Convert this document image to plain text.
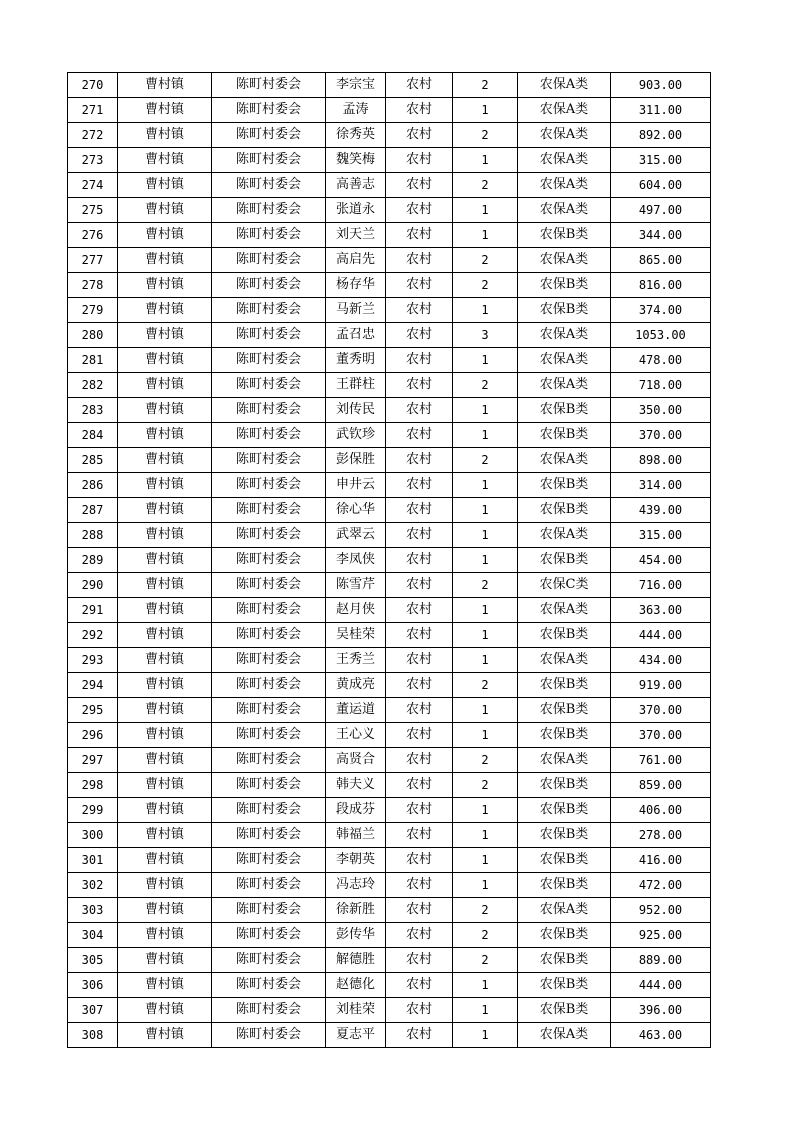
270	曹村镇	陈町村委会	李宗宝	农村	2	农保A类	903.00
271	曹村镇	陈町村委会	孟涛	农村	1	农保A类	311.00
272	曹村镇	陈町村委会	徐秀英	农村	2	农保A类	892.00
273	曹村镇	陈町村委会	魏笑梅	农村	1	农保A类	315.00
274	曹村镇	陈町村委会	高善志	农村	2	农保A类	604.00
275	曹村镇	陈町村委会	张道永	农村	1	农保A类	497.00
276	曹村镇	陈町村委会	刘天兰	农村	1	农保B类	344.00
277	曹村镇	陈町村委会	高启先	农村	2	农保A类	865.00
278	曹村镇	陈町村委会	杨存华	农村	2	农保B类	816.00
279	曹村镇	陈町村委会	马新兰	农村	1	农保B类	374.00
280	曹村镇	陈町村委会	孟召忠	农村	3	农保A类	1053.00
281	曹村镇	陈町村委会	董秀明	农村	1	农保A类	478.00
282	曹村镇	陈町村委会	王群柱	农村	2	农保A类	718.00
283	曹村镇	陈町村委会	刘传民	农村	1	农保B类	350.00
284	曹村镇	陈町村委会	武钦珍	农村	1	农保B类	370.00
285	曹村镇	陈町村委会	彭保胜	农村	2	农保A类	898.00
286	曹村镇	陈町村委会	申井云	农村	1	农保B类	314.00
287	曹村镇	陈町村委会	徐心华	农村	1	农保B类	439.00
288	曹村镇	陈町村委会	武翠云	农村	1	农保A类	315.00
289	曹村镇	陈町村委会	李凤侠	农村	1	农保B类	454.00
290	曹村镇	陈町村委会	陈雪芹	农村	2	农保C类	716.00
291	曹村镇	陈町村委会	赵月侠	农村	1	农保A类	363.00
292	曹村镇	陈町村委会	吴桂荣	农村	1	农保B类	444.00
293	曹村镇	陈町村委会	王秀兰	农村	1	农保A类	434.00
294	曹村镇	陈町村委会	黄成亮	农村	2	农保B类	919.00
295	曹村镇	陈町村委会	董运道	农村	1	农保B类	370.00
296	曹村镇	陈町村委会	王心义	农村	1	农保B类	370.00
297	曹村镇	陈町村委会	高贤合	农村	2	农保A类	761.00
298	曹村镇	陈町村委会	韩夫义	农村	2	农保B类	859.00
299	曹村镇	陈町村委会	段成芬	农村	1	农保B类	406.00
300	曹村镇	陈町村委会	韩福兰	农村	1	农保B类	278.00
301	曹村镇	陈町村委会	李朝英	农村	1	农保B类	416.00
302	曹村镇	陈町村委会	冯志玲	农村	1	农保B类	472.00
303	曹村镇	陈町村委会	徐新胜	农村	2	农保A类	952.00
304	曹村镇	陈町村委会	彭传华	农村	2	农保B类	925.00
305	曹村镇	陈町村委会	解德胜	农村	2	农保B类	889.00
306	曹村镇	陈町村委会	赵德化	农村	1	农保B类	444.00
307	曹村镇	陈町村委会	刘桂荣	农村	1	农保B类	396.00
308	曹村镇	陈町村委会	夏志平	农村	1	农保A类	463.00
